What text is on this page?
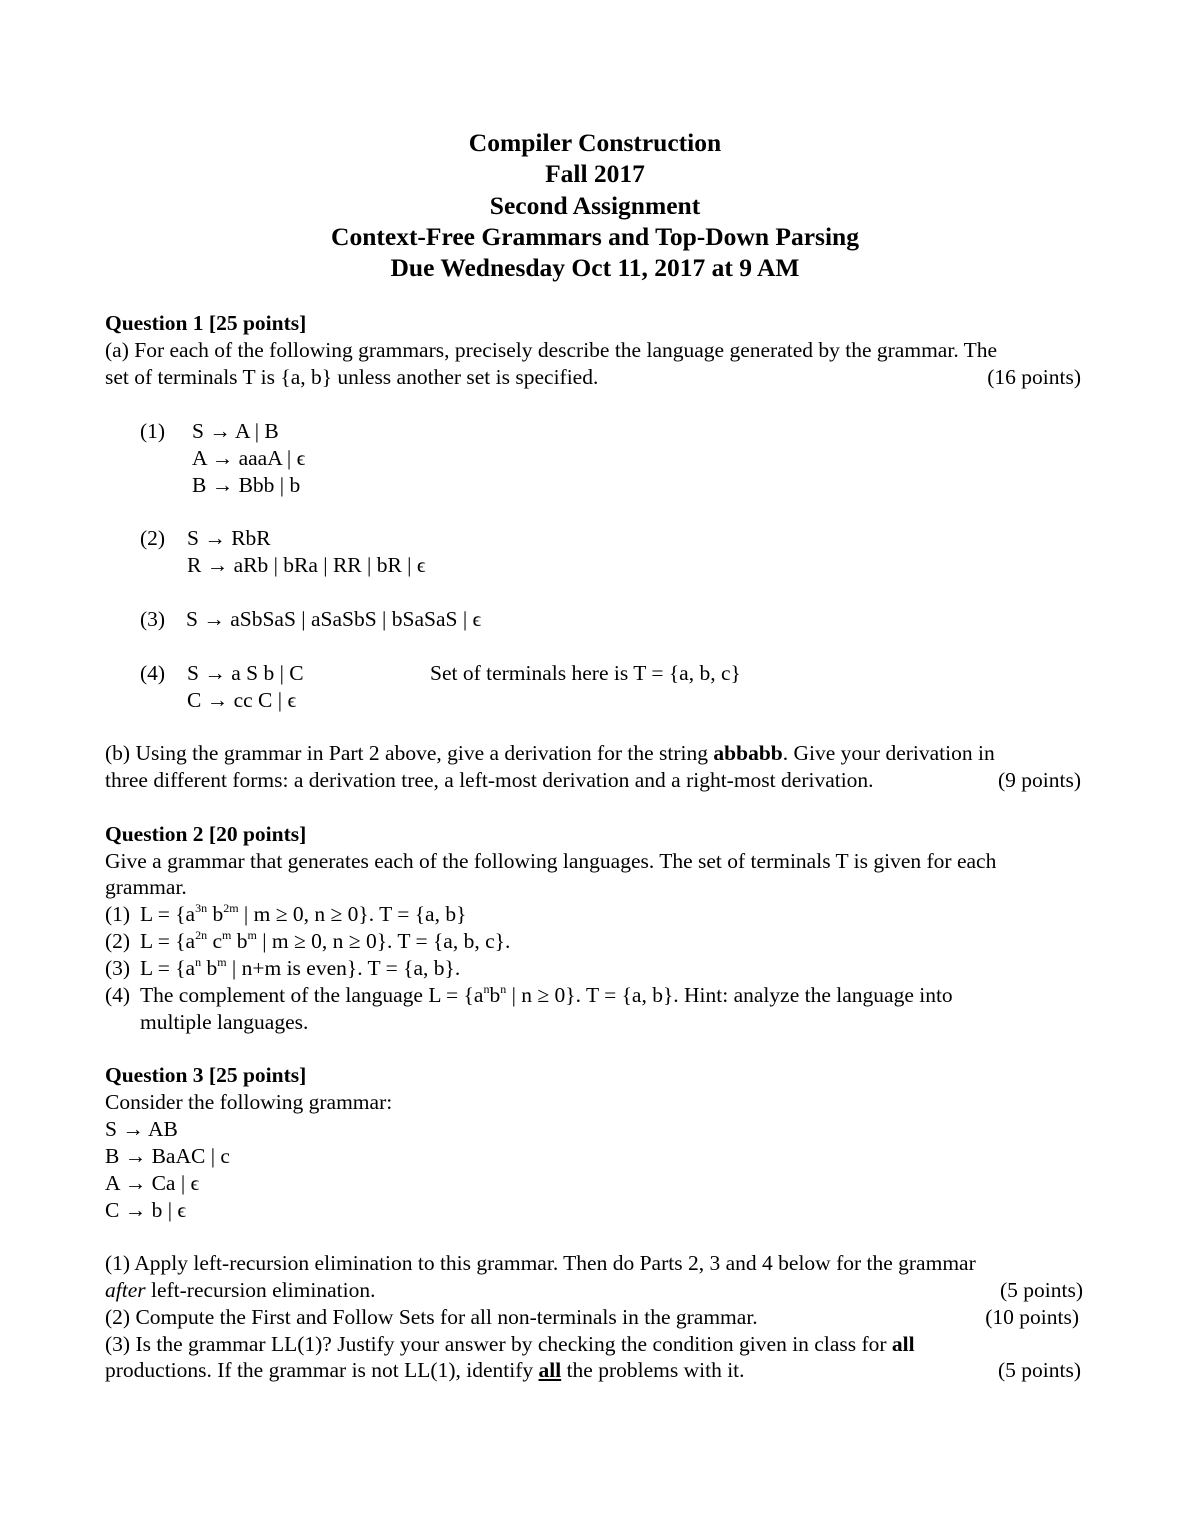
Compiler Construction
Fall 2017
Second Assignment
Context-Free Grammars and Top-Down Parsing
Due Wednesday Oct 11, 2017 at 9 AM
Question 1 [25 points]
(a) For each of the following grammars, precisely describe the language generated by the grammar. The
set of terminals T is {a, b} unless another set is specified.	(16 points)
(1) S → A | B
A → aaaA | ϵ
B → Bbb | b
(2) S → RbR
R → aRb | bRa | RR | bR | ϵ
(3) S → aSbSaS | aSaSbS | bSaSaS | ϵ
(4) S → a S b | C	Set of terminals here is T = {a, b, c}
C → cc C | ϵ
(b) Using the grammar in Part 2 above, give a derivation for the string abbabb. Give your derivation in
three different forms: a derivation tree, a left-most derivation and a right-most derivation.	(9 points)
Question 2 [20 points]
Give a grammar that generates each of the following languages. The set of terminals T is given for each
grammar.
(1) $L = \{a^{3n}$ $b^{2m}$ | m ≥ 0, n ≥ 0}. T = {a, b}
(2) $L = \{a^{2n}$ $c^m$ $b^m$ | m ≥ 0, n ≥ 0}. T = {a, b, c}.
(3) $L = \{a^n$ $b^m$ | n+m is even}. T = {a, b}.
(4) The complement of the language $L = \{a^nb^n$ | n ≥ 0}. T = {a, b}. Hint: analyze the language into
multiple languages.
Question 3 [25 points]
Consider the following grammar:
S → AB
B → BaAC | c
A → Ca | ϵ
C → b | ϵ
(1) Apply left-recursion elimination to this grammar. Then do Parts 2, 3 and 4 below for the grammar
after left-recursion elimination.	(5 points)
(2) Compute the First and Follow Sets for all non-terminals in the grammar.	(10 points)
(3) Is the grammar LL(1)? Justify your answer by checking the condition given in class for all
productions. If the grammar is not LL(1), identify all the problems with it.	(5 points)
